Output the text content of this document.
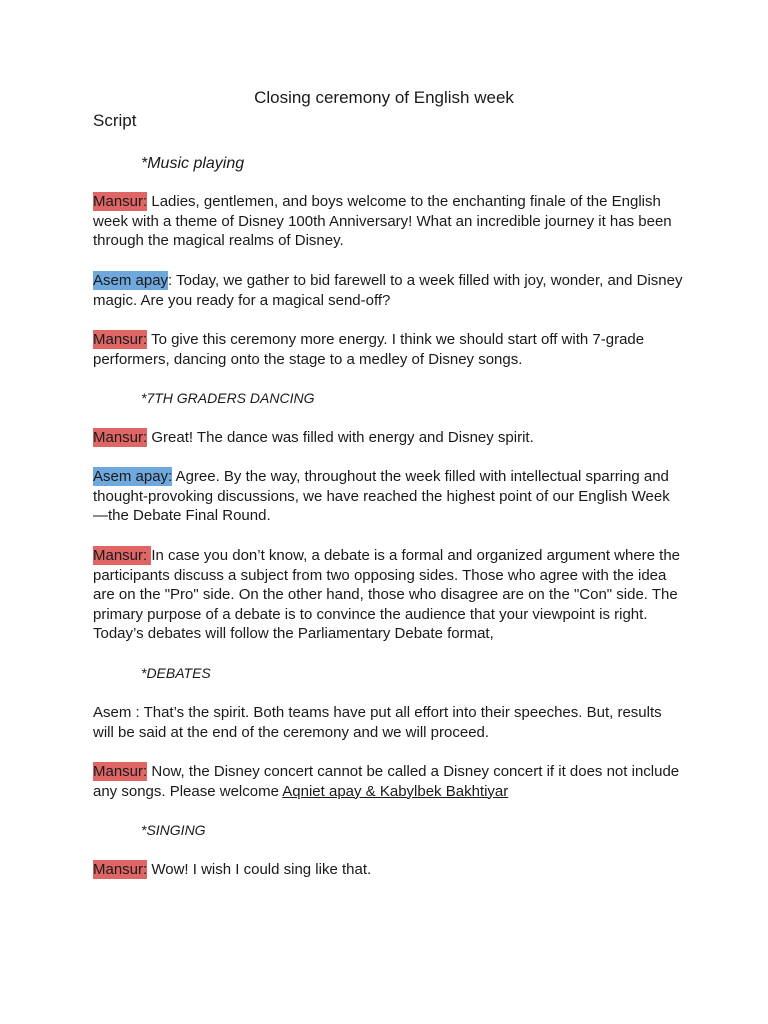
Closing ceremony of English week
Script

*Music playing

Mansur: Ladies, gentlemen, and boys welcome to the enchanting finale of the English week with a theme of Disney 100th Anniversary! What an incredible journey it has been through the magical realms of Disney.

Asem apay: Today, we gather to bid farewell to a week filled with joy, wonder, and Disney magic. Are you ready for a magical send-off?

Mansur: To give this ceremony more energy. I think we should start off with 7-grade performers, dancing onto the stage to a medley of Disney songs.

*7TH GRADERS DANCING

Mansur: Great! The dance was filled with energy and Disney spirit.

Asem apay: Agree. By the way, throughout the week filled with intellectual sparring and thought-provoking discussions, we have reached the highest point of our English Week—the Debate Final Round.

Mansur: In case you don’t know, a debate is a formal and organized argument where the participants discuss a subject from two opposing sides. Those who agree with the idea are on the "Pro" side. On the other hand, those who disagree are on the "Con" side. The primary purpose of a debate is to convince the audience that your viewpoint is right. Today’s debates will follow the Parliamentary Debate format,

*DEBATES

Asem : That’s the spirit. Both teams have put all effort into their speeches. But, results will be said at the end of the ceremony and we will proceed.

Mansur: Now, the Disney concert cannot be called a Disney concert if it does not include any songs. Please welcome Aqniet apay & Kabylbek Bakhtiyar

*SINGING

Mansur: Wow! I wish I could sing like that.
